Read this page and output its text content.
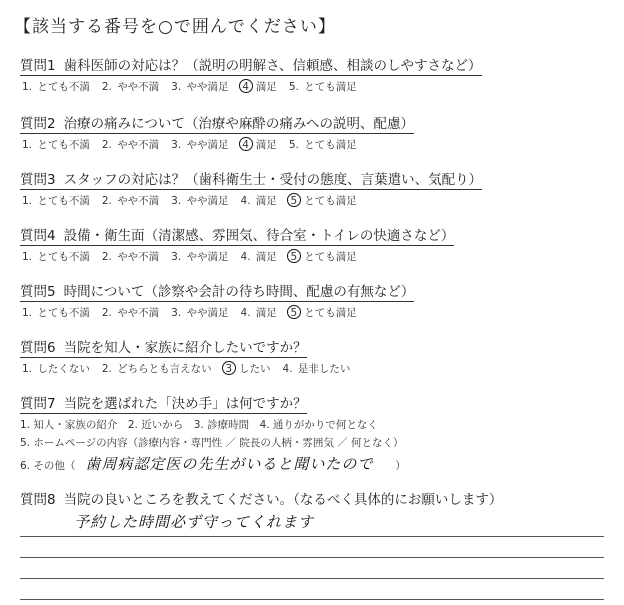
【該当する番号を○で囲んでください】
質問1 歯科医師の対応は？（説明の明解さ、信頼感、相談のしやすさなど）
1. とても不満 2. やや不満 3. やや満足 4 満足 5. とても満足
質問2 治療の痛みについて（治療や麻酔の痛みへの説明、配慮）
1. とても不満 2. やや不満 3. やや満足 4 満足 5. とても満足
質問3 スタッフの対応は？（歯科衛生士・受付の態度、言葉遣い、気配り）
1. とても不満 2. やや不満 3. やや満足 4. 満足 5 とても満足
質問4 設備・衛生面（清潔感、雰囲気、待合室・トイレの快適さなど）
1. とても不満 2. やや不満 3. やや満足 4. 満足 5 とても満足
質問5 時間について（診察や会計の待ち時間、配慮の有無など）
1. とても不満 2. やや不満 3. やや満足 4. 満足 5 とても満足
質問6 当院を知人・家族に紹介したいですか？
1. したくない 2. どちらとも言えない 3 したい 4. 是非したい
質問7 当院を選ばれた「決め手」は何ですか？
1. 知人・家族の紹介　2. 近いから　3. 診療時間　4. 通りがかりで何となく
5. ホームページの内容（診療内容・専門性 ／ 院長の人柄・雰囲気 ／ 何となく）
6. その他（ 歯周病認定医の先生がいると聞いたので ）
質問8 当院の良いところを教えてください。（なるべく具体的にお願いします）
予約した時間必ず守ってくれます
